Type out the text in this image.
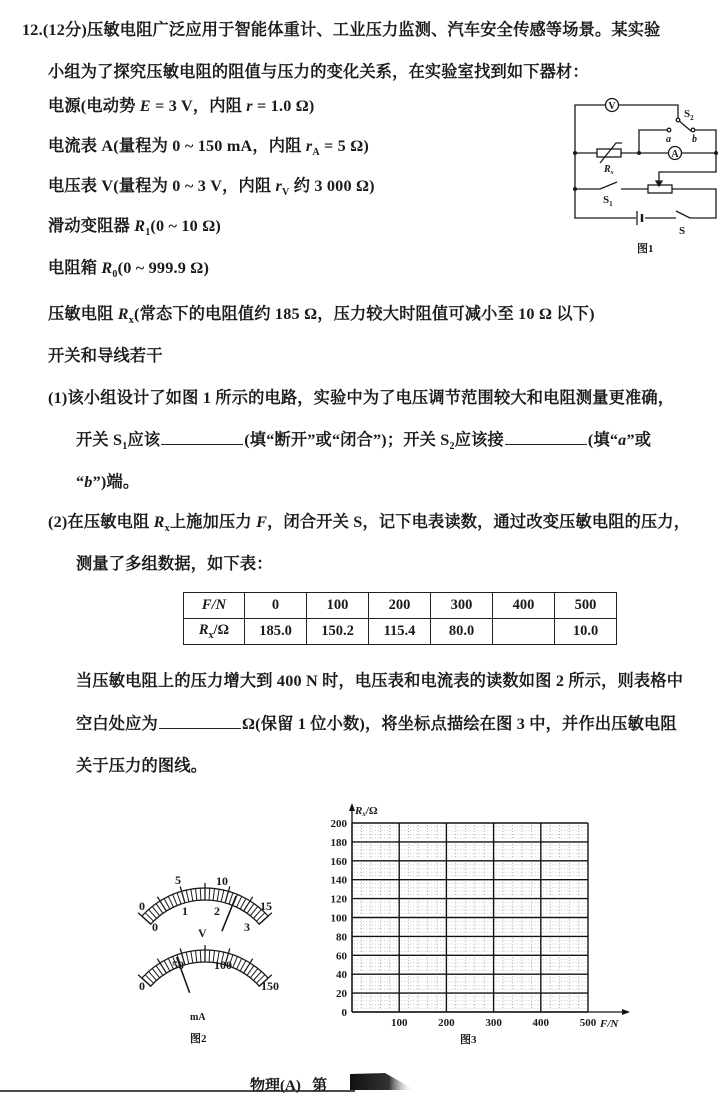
12.(12分)压敏电阻广泛应用于智能体重计、工业压力监测、汽车安全传感等场景。某实验
小组为了探究压敏电阻的阻值与压力的变化关系，在实验室找到如下器材：
电源(电动势 E = 3 V，内阻 r = 1.0 Ω)
电流表 A(量程为 0 ~ 150 mA，内阻 $r_A = 5$ Ω)
电压表 V(量程为 0 ~ 3 V，内阻 $r_V$ 约 3 000 Ω)
滑动变阻器 $R_1(0$ ~ 10 Ω)
电阻箱 $R_0(0$ ~ 999.9 Ω)
压敏电阻 $R_x$(常态下的电阻值约 185 Ω，压力较大时阻值可减小至 10 Ω 以下)
开关和导线若干
(1)该小组设计了如图 1 所示的电路，实验中为了电压调节范围较大和电阻测量更准确，
开关 $S_1$应该	(填“断开”或“闭合”)；开关 $S_2$应该接	(填“a”或
“b”)端。
(2)在压敏电阻 $R_x$上施加压力 F，闭合开关 S，记下电表读数，通过改变压敏电阻的压力，
测量了多组数据，如下表：
当压敏电阻上的压力增大到 400 N 时，电压表和电流表的读数如图 2 所示，则表格中
空白处应为	Ω(保留 1 位小数)，将坐标点描绘在图 3 中，并作出压敏电阻
关于压力的图线。
F/N	0	100	200	300	400	500
$R_x/\Omega$	185.0	150.2	115.4	80.0		10.0
V
A
$S_2$
a b
$R_x$
$S_1$
S
图1
0
5	10
15
0
1 2
3
V
0
50	100
150
mA
图2
0
20
40
60
80
100
120
140
160
180
200
100	200	300	400	500
Rx/Ω
F/N
图3
物理(A) 第
